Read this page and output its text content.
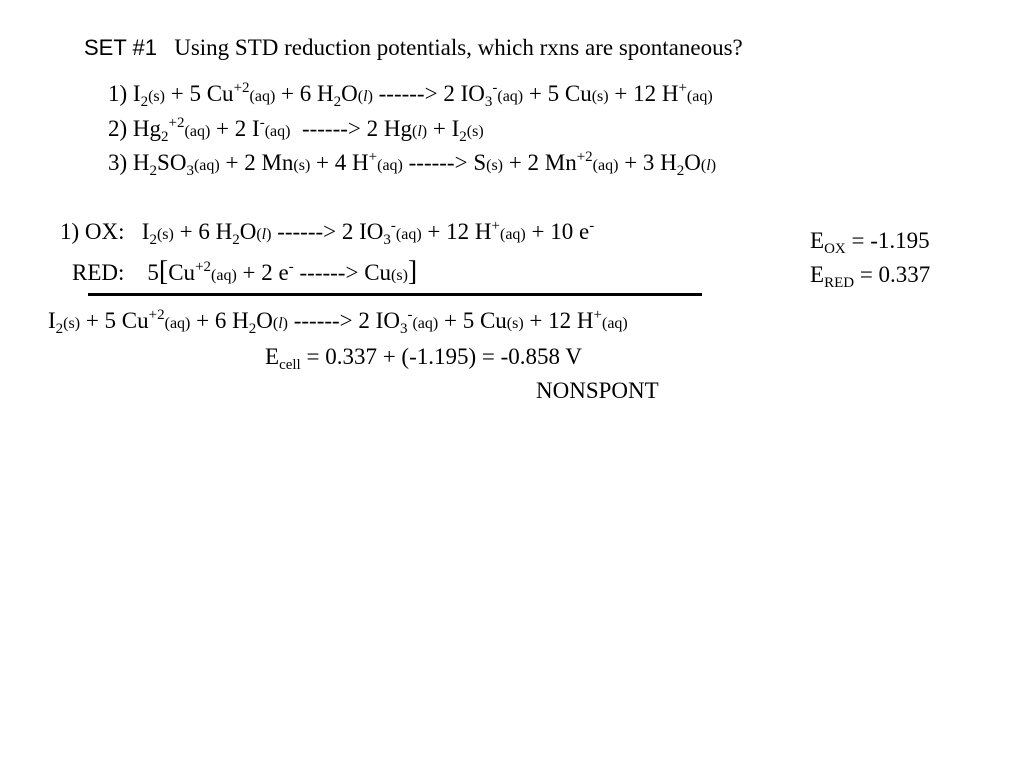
SET #1 Using STD reduction potentials, which rxns are spontaneous?
1) $I_2(s) + 5$ $Cu^{+2}(aq) + 6$ $H_2O(l)$ ------> 2 $IO_3^-(aq) + 5$ Cu(s) + 12 H+(aq)
2) $Hg_2^{+2}(aq) + 2$ I-(aq) ------> 2 $Hg(l) + I_2(s)$
3) $H_2SO_3(aq) + 2$ Mn(s) + 4 H+(aq) ------> S(s) + 2 $Mn^{+2}(aq) + 3$ $H_2O(l)$
1) OX: $I_2(s) + 6$ $H_2O(l)$ ------> 2 $IO_3^-(aq) + 12$ H+(aq) + 10 e-
RED: $5[Cu^{+2}(aq) + 2$ e- ------> Cu(s)]
$E_{OX} = -1.195$
$E_{RED} = 0.337$
$I_2(s) + 5$ $Cu^{+2}(aq) + 6$ $H_2O(l)$ ------> 2 $IO_3^-(aq) + 5$ Cu(s) + 12 H+(aq)
$E_{cell} = 0.337 + (-1.195) = -0.858$ V
NONSPONT
